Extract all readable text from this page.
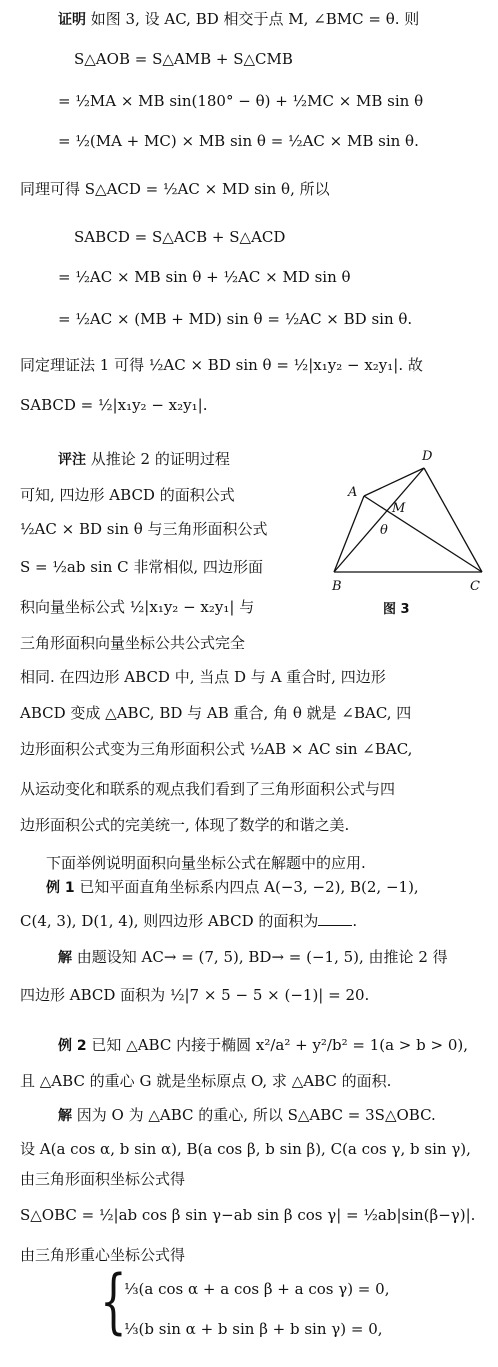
证明 如图 3, 设 AC, BD 相交于点 M, ∠BMC = θ. 则
S△AOB = S△AMB + S△CMB
= ½MA × MB sin(180° − θ) + ½MC × MB sin θ
= ½(MA + MC) × MB sin θ = ½AC × MB sin θ.
同理可得 S△ACD = ½AC × MD sin θ, 所以
SABCD = S△ACB + S△ACD
= ½AC × MB sin θ + ½AC × MD sin θ
= ½AC × (MB + MD) sin θ = ½AC × BD sin θ.
同定理证法 1 可得 ½AC × BD sin θ = ½|x₁y₂ − x₂y₁|. 故
SABCD = ½|x₁y₂ − x₂y₁|.
评注 从推论 2 的证明过程
可知, 四边形 ABCD 的面积公式
½AC × BD sin θ 与三角形面积公式
S = ½ab sin C 非常相似, 四边形面
积向量坐标公式 ½|x₁y₂ − x₂y₁| 与
三角形面积向量坐标公共公式完全
相同. 在四边形 ABCD 中, 当点 D 与 A 重合时, 四边形
ABCD 变成 △ABC, BD 与 AB 重合, 角 θ 就是 ∠BAC, 四
边形面积公式变为三角形面积公式 ½AB × AC sin ∠BAC,
从运动变化和联系的观点我们看到了三角形面积公式与四
边形面积公式的完美统一, 体现了数学的和谐之美.
下面举例说明面积向量坐标公式在解题中的应用.
A
B	C
D
M
θ
图 3
例 1 已知平面直角坐标系内四点 A(−3, −2), B(2, −1),
C(4, 3), D(1, 4), 则四边形 ABCD 的面积为 .
解 由题设知 AC→ = (7, 5), BD→ = (−1, 5), 由推论 2 得
四边形 ABCD 面积为 ½|7 × 5 − 5 × (−1)| = 20.
例 2 已知 △ABC 内接于椭圆 x²/a² + y²/b² = 1(a > b > 0),
且 △ABC 的重心 G 就是坐标原点 O, 求 △ABC 的面积.
解 因为 O 为 △ABC 的重心, 所以 S△ABC = 3S△OBC.
设 A(a cos α, b sin α), B(a cos β, b sin β), C(a cos γ, b sin γ),
由三角形面积坐标公式得
S△OBC = ½|ab cos β sin γ−ab sin β cos γ| = ½ab|sin(β−γ)|.
由三角形重心坐标公式得
{
⅓(a cos α + a cos β + a cos γ) = 0,
⅓(b sin α + b sin β + b sin γ) = 0,
